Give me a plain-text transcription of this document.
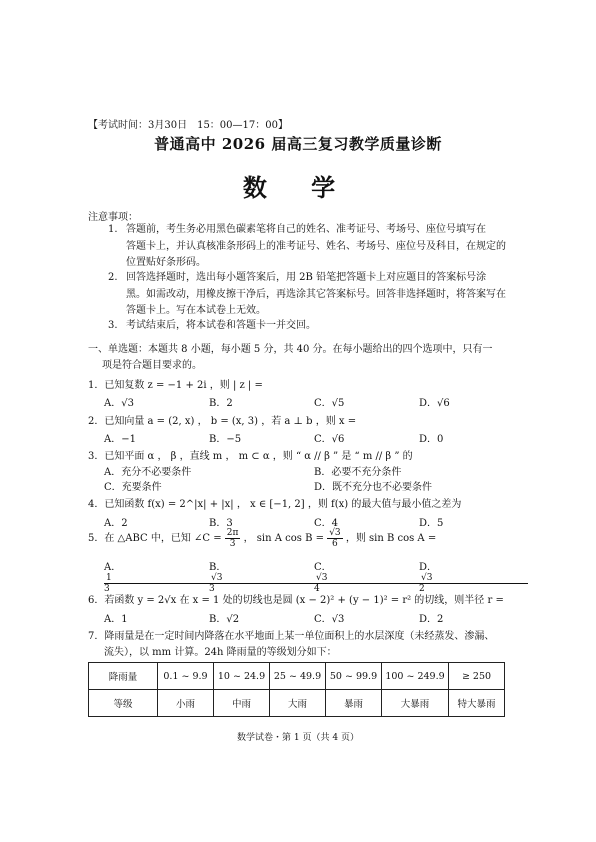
【考试时间：3月30日　15：00—17：00】
普通高中 2026 届高三复习教学质量诊断
数 学
注意事项：
1. 答题前，考生务必用黑色碳素笔将自己的姓名、准考证号、考场号、座位号填写在
答题卡上，并认真核准条形码上的准考证号、姓名、考场号、座位号及科目，在规定的位置贴好条形码。
2. 回答选择题时，选出每小题答案后，用 2B 铅笔把答题卡上对应题目的答案标号涂
黑。如需改动，用橡皮擦干净后，再选涂其它答案标号。回答非选择题时，将答案写在答题卡上。写在本试卷上无效。
3. 考试结束后，将本试卷和答题卡一并交回。
一、单选题：本题共 8 小题，每小题 5 分，共 40 分。在每小题给出的四个选项中，只有一
项是符合题目要求的。
1．已知复数 z = −1 + 2i ，则 | z | =
A．√3	B．2	C．√5	D．√6
2．已知向量 a = (2, x) ， b = (x, 3) ，若 a ⊥ b ，则 x =
A．−1	B．−5	C．√6	D．0
3．已知平面 α ， β ，直线 m ， m ⊂ α ，则 “ α // β ” 是 “ m // β ” 的
A．充分不必要条件	B．必要不充分条件
C．充要条件	D．既不充分也不必要条件
4．已知函数 f(x) = 2^|x| + |x| ， x ∈ [−1, 2] ，则 f(x) 的最大值与最小值之差为
A．2	B．3	C．4	D．5
5．在 △ABC 中，已知 ∠C = $\frac{2\pi}{3}$ ， sin A $\cos B = \frac{√3}{6}$ ，则 sin B cos A =
A．$\frac{1}{3}$
B．$\frac{√3}{3}$
C．$\frac{√3}{4}$
D．$\frac{√3}{2}$
6．若函数 y = 2√x 在 x = 1 处的切线也是圆 (x − 2)² + (y − 1)² = r² 的切线，则半径 r =
A．1	B．√2	C．√3	D．2
7．降雨量是在一定时间内降落在水平地面上某一单位面积上的水层深度（未经蒸发、渗漏、
流失），以 mm 计算。24h 降雨量的等级划分如下：
降雨量	0.1 ~ 9.9	10 ~ 24.9	25 ~ 49.9	50 ~ 99.9	100 ~ 249.9	≥ 250
等级	小雨	中雨	大雨	暴雨	大暴雨	特大暴雨
数学试卷・第 1 页（共 4 页）
